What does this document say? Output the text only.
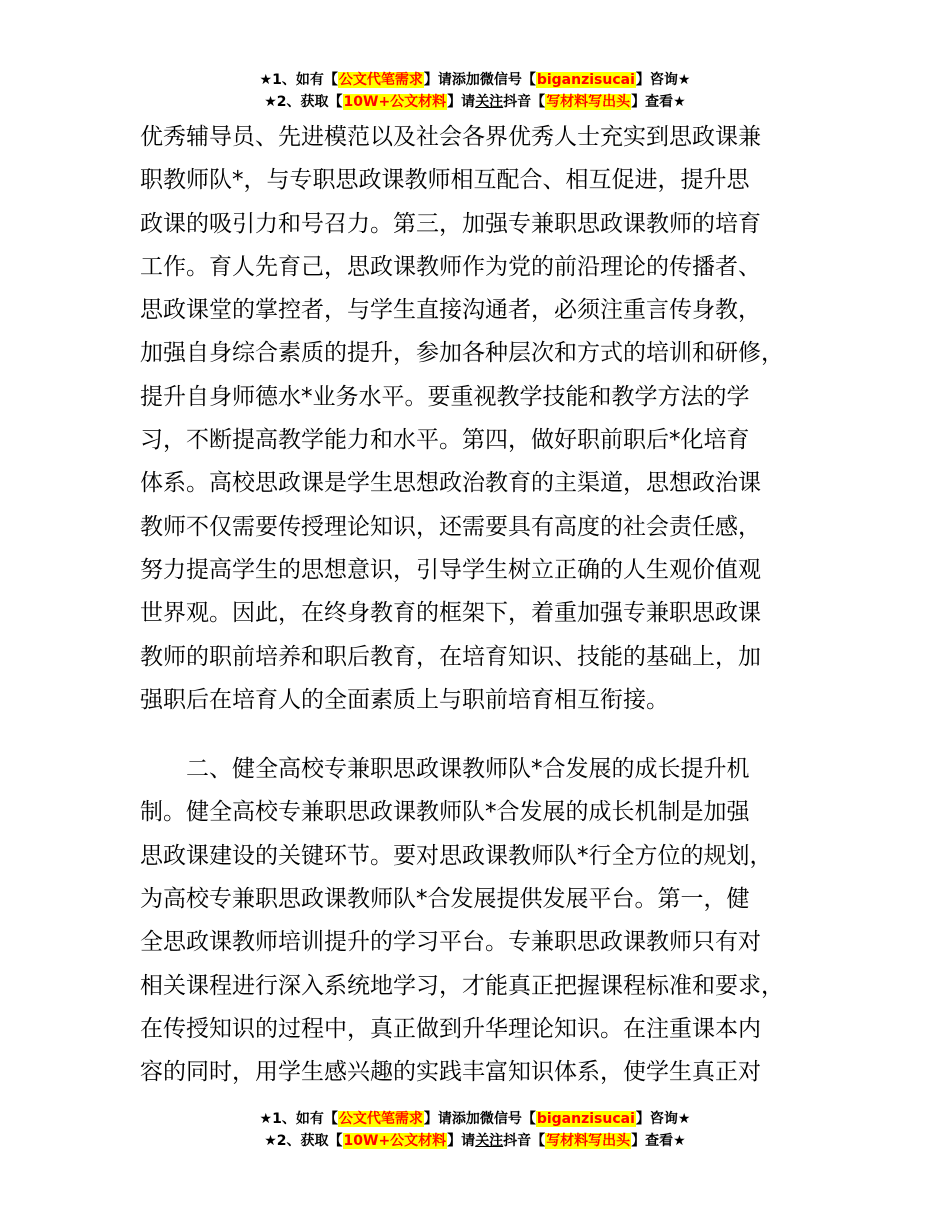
★1、如有【公文代笔需求】请添加微信号【biganzisucai】咨询★
★2、获取【10W+公文材料】请关注抖音【写材料写出头】查看★
优秀辅导员、先进模范以及社会各界优秀人士充实到思政课兼
职教师队*，与专职思政课教师相互配合、相互促进，提升思
政课的吸引力和号召力。第三，加强专兼职思政课教师的培育
工作。育人先育己，思政课教师作为党的前沿理论的传播者、
思政课堂的掌控者，与学生直接沟通者，必须注重言传身教，
加强自身综合素质的提升，参加各种层次和方式的培训和研修，
提升自身师德水*业务水平。要重视教学技能和教学方法的学
习，不断提高教学能力和水平。第四，做好职前职后*化培育
体系。高校思政课是学生思想政治教育的主渠道，思想政治课
教师不仅需要传授理论知识，还需要具有高度的社会责任感，
努力提高学生的思想意识，引导学生树立正确的人生观价值观
世界观。因此，在终身教育的框架下，着重加强专兼职思政课
教师的职前培养和职后教育，在培育知识、技能的基础上，加
强职后在培育人的全面素质上与职前培育相互衔接。
二、健全高校专兼职思政课教师队*合发展的成长提升机
制。健全高校专兼职思政课教师队*合发展的成长机制是加强
思政课建设的关键环节。要对思政课教师队*行全方位的规划，
为高校专兼职思政课教师队*合发展提供发展平台。第一，健
全思政课教师培训提升的学习平台。专兼职思政课教师只有对
相关课程进行深入系统地学习，才能真正把握课程标准和要求，
在传授知识的过程中，真正做到升华理论知识。在注重课本内
容的同时，用学生感兴趣的实践丰富知识体系，使学生真正对
★1、如有【公文代笔需求】请添加微信号【biganzisucai】咨询★
★2、获取【10W+公文材料】请关注抖音【写材料写出头】查看★
